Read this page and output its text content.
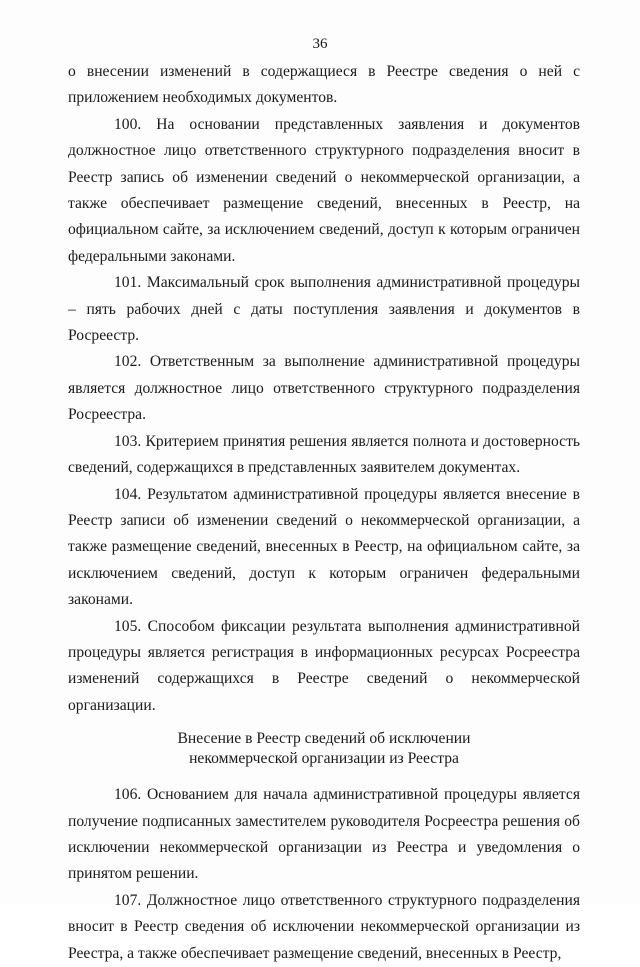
36

о внесении изменений в содержащиеся в Реестре сведения о ней с приложением необходимых документов.

100. На основании представленных заявления и документов должностное лицо ответственного структурного подразделения вносит в Реестр запись об изменении сведений о некоммерческой организации, а также обеспечивает размещение сведений, внесенных в Реестр, на официальном сайте, за исключением сведений, доступ к которым ограничен федеральными законами.

101. Максимальный срок выполнения административной процедуры – пять рабочих дней с даты поступления заявления и документов в Росреестр.

102. Ответственным за выполнение административной процедуры является должностное лицо ответственного структурного подразделения Росреестра.

103. Критерием принятия решения является полнота и достоверность сведений, содержащихся в представленных заявителем документах.

104. Результатом административной процедуры является внесение в Реестр записи об изменении сведений о некоммерческой организации, а также размещение сведений, внесенных в Реестр, на официальном сайте, за исключением сведений, доступ к которым ограничен федеральными законами.

105. Способом фиксации результата выполнения административной процедуры является регистрация в информационных ресурсах Росреестра изменений содержащихся в Реестре сведений о некоммерческой организации.

Внесение в Реестр сведений об исключении
некоммерческой организации из Реестра

106. Основанием для начала административной процедуры является получение подписанных заместителем руководителя Росреестра решения об исключении некоммерческой организации из Реестра и уведомления о принятом решении.

107. Должностное лицо ответственного структурного подразделения вносит в Реестр сведения об исключении некоммерческой организации из Реестра, а также обеспечивает размещение сведений, внесенных в Реестр,
